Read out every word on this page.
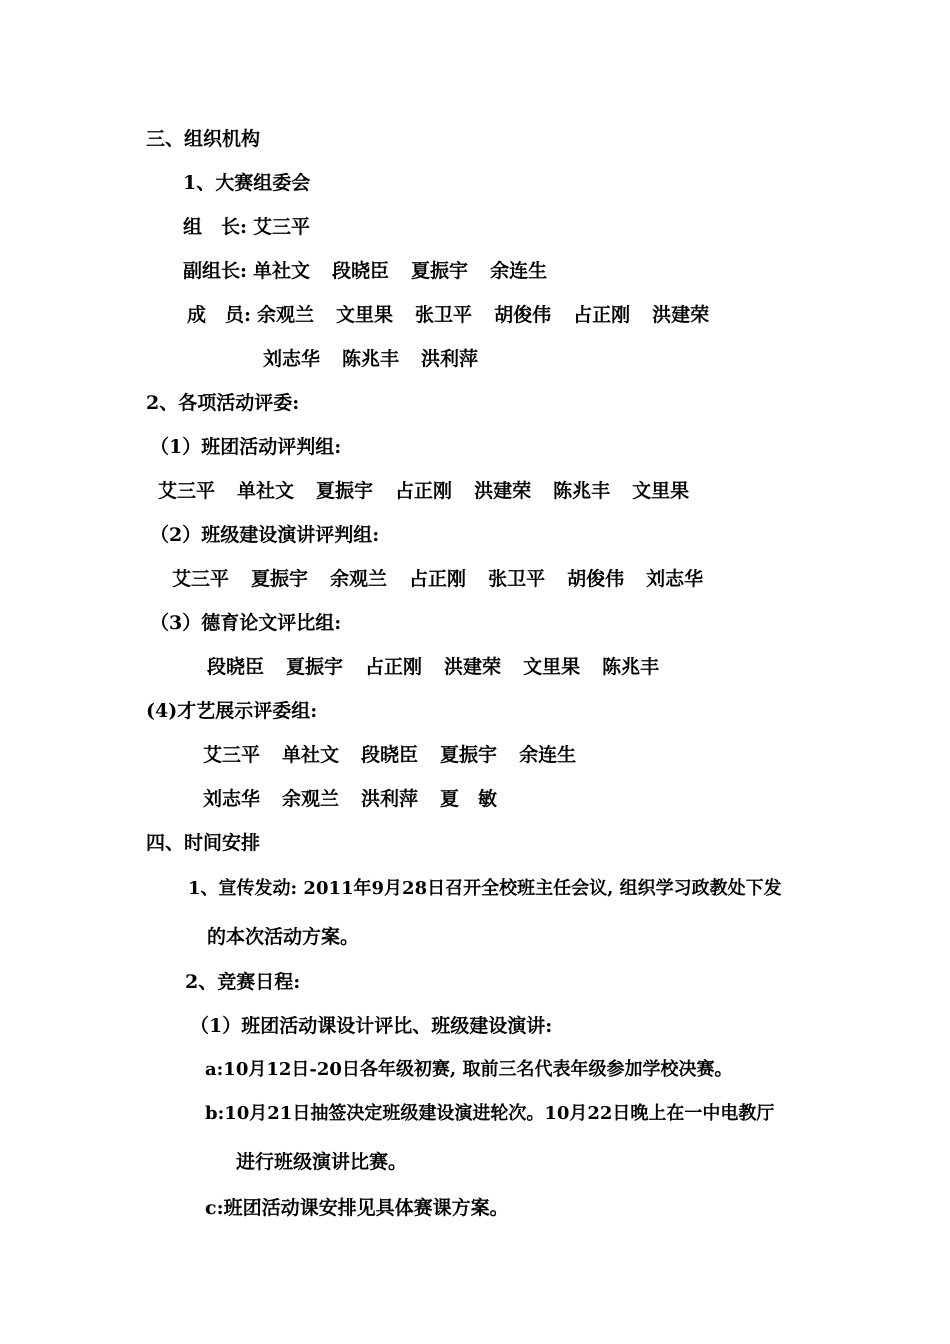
三、组织机构
1、大赛组委会
组　长: 艾三平
副组长: 单社文 段晓臣 夏振宇 余连生
成　员: 余观兰 文里果 张卫平 胡俊伟 占正刚 洪建荣
刘志华 陈兆丰 洪利萍
2、各项活动评委:
（1）班团活动评判组:
艾三平 单社文 夏振宇 占正刚 洪建荣 陈兆丰 文里果
（2）班级建设演讲评判组:
艾三平 夏振宇 余观兰 占正刚 张卫平 胡俊伟 刘志华
（3）德育论文评比组:
段晓臣 夏振宇 占正刚 洪建荣 文里果 陈兆丰
(4)才艺展示评委组:
艾三平 单社文 段晓臣 夏振宇 余连生
刘志华 余观兰 洪利萍 夏　敏
四、时间安排
1、宣传发动: 2011年9月28日召开全校班主任会议, 组织学习政教处下发
的本次活动方案。
2、竞赛日程:
（1）班团活动课设计评比、班级建设演讲:
a:10月12日-20日各年级初赛, 取前三名代表年级参加学校决赛。
b:10月21日抽签决定班级建设演进轮次。10月22日晚上在一中电教厅
进行班级演讲比赛。
c:班团活动课安排见具体赛课方案。
